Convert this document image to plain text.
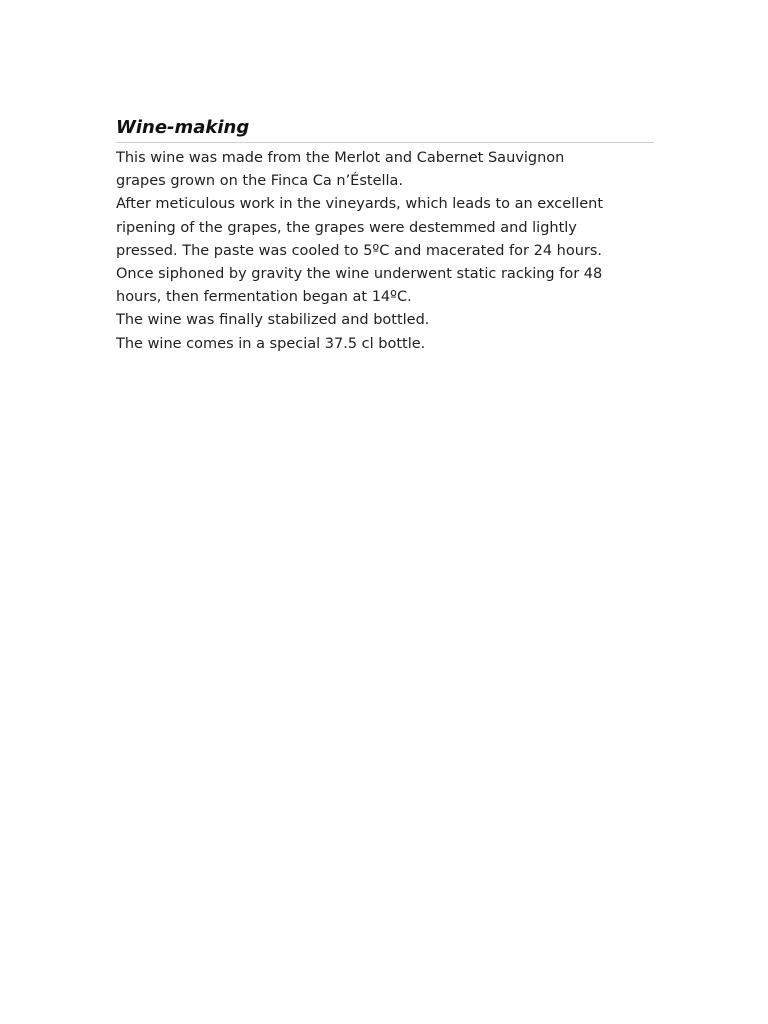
Wine-making
This wine was made from the Merlot and Cabernet Sauvignon
grapes grown on the Finca Ca n’Éstella.
After meticulous work in the vineyards, which leads to an excellent
ripening of the grapes, the grapes were destemmed and lightly
pressed. The paste was cooled to 5ºC and macerated for 24 hours.
Once siphoned by gravity the wine underwent static racking for 48
hours, then fermentation began at 14ºC.
The wine was finally stabilized and bottled.
The wine comes in a special 37.5 cl bottle.
